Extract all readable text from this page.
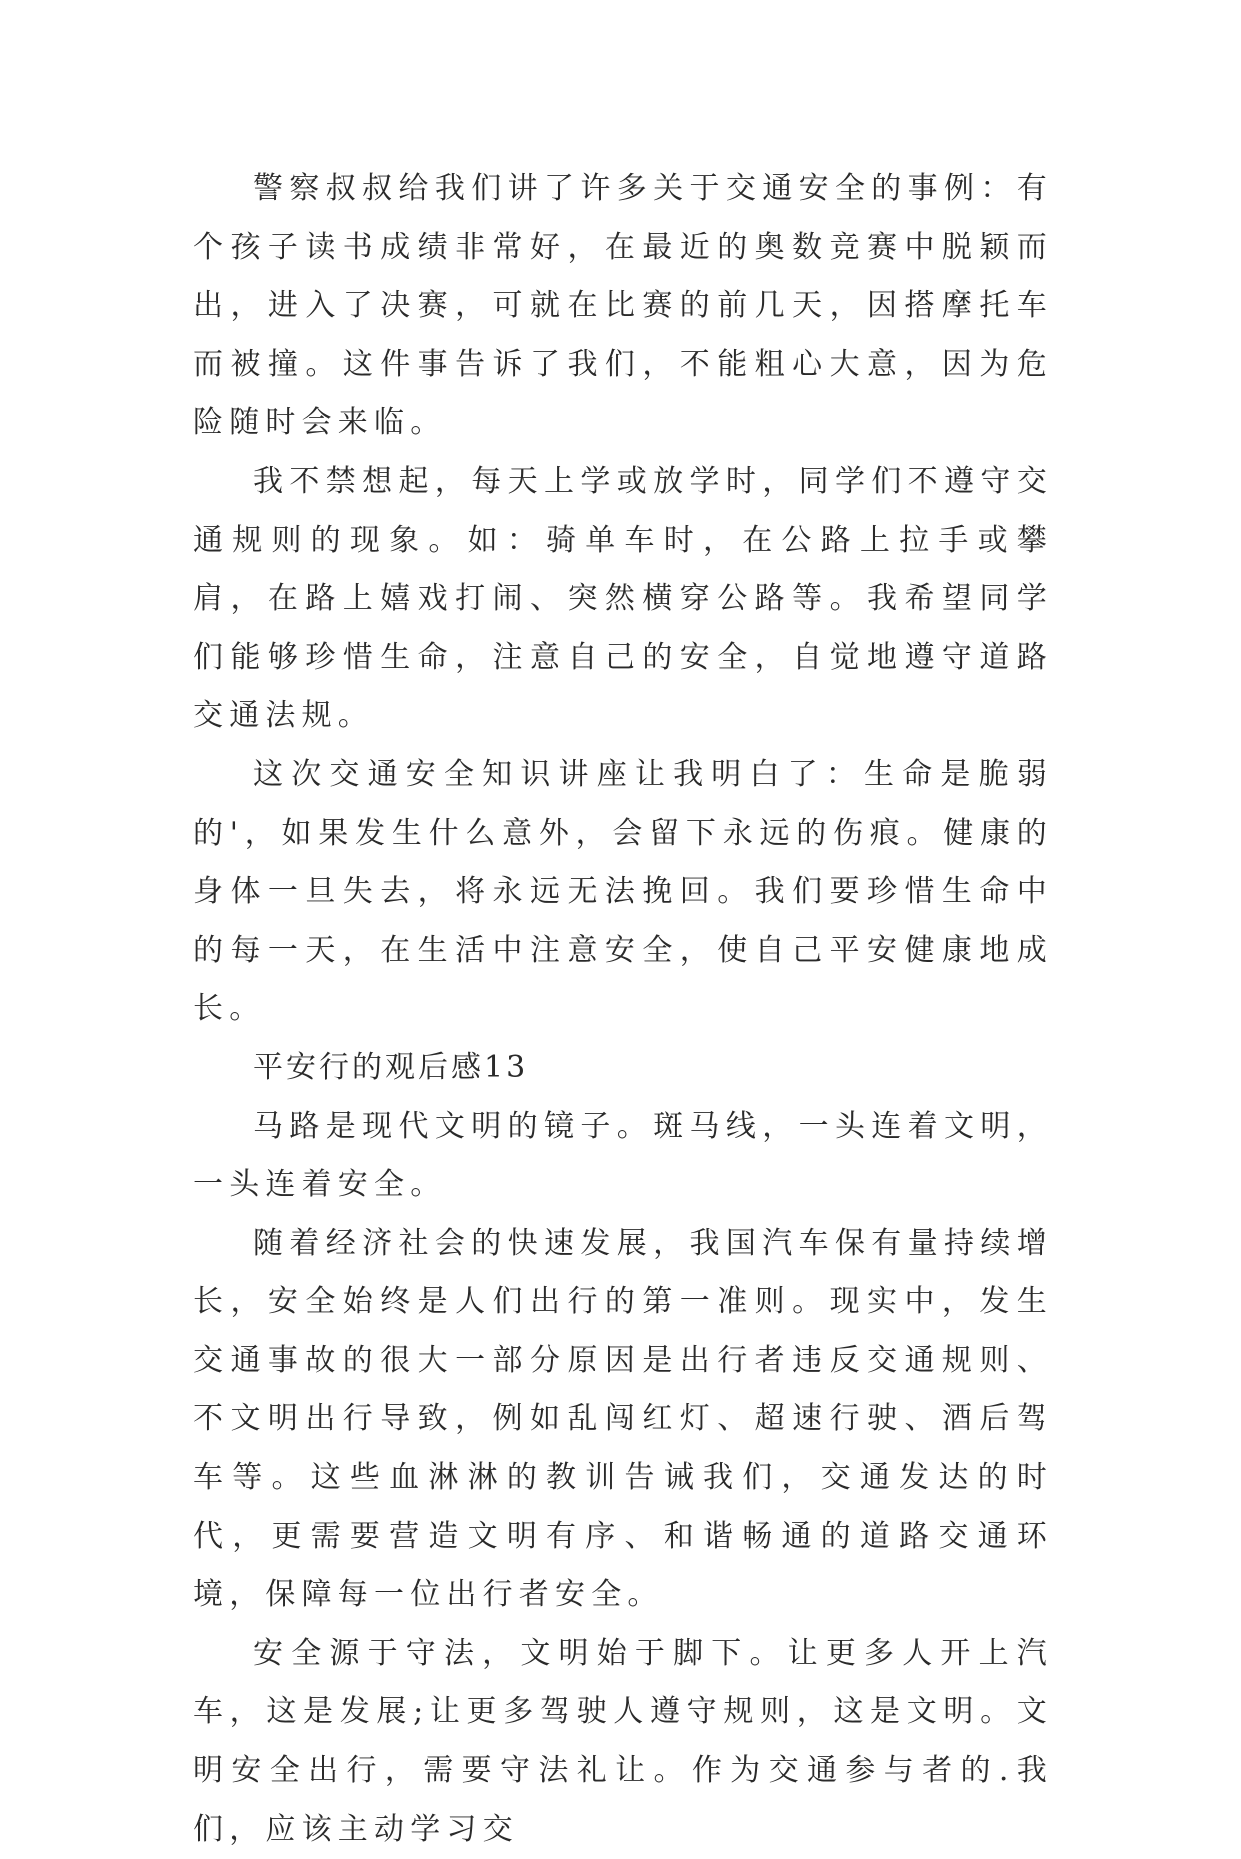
警察叔叔给我们讲了许多关于交通安全的事例：有个孩子读书成绩非常好，在最近的奥数竞赛中脱颖而出，进入了决赛，可就在比赛的前几天，因搭摩托车而被撞。这件事告诉了我们，不能粗心大意，因为危险随时会来临。

我不禁想起，每天上学或放学时，同学们不遵守交通规则的现象。如：骑单车时，在公路上拉手或攀肩，在路上嬉戏打闹、突然横穿公路等。我希望同学们能够珍惜生命，注意自己的安全，自觉地遵守道路交通法规。

这次交通安全知识讲座让我明白了：生命是脆弱的'，如果发生什么意外，会留下永远的伤痕。健康的身体一旦失去，将永远无法挽回。我们要珍惜生命中的每一天，在生活中注意安全，使自己平安健康地成长。

平安行的观后感13

马路是现代文明的镜子。斑马线，一头连着文明，一头连着安全。

随着经济社会的快速发展，我国汽车保有量持续增长，安全始终是人们出行的第一准则。现实中，发生交通事故的很大一部分原因是出行者违反交通规则、不文明出行导致，例如乱闯红灯、超速行驶、酒后驾车等。这些血淋淋的教训告诫我们，交通发达的时代，更需要营造文明有序、和谐畅通的道路交通环境，保障每一位出行者安全。

安全源于守法，文明始于脚下。让更多人开上汽车，这是发展;让更多驾驶人遵守规则，这是文明。文明安全出行，需要守法礼让。作为交通参与者的.我们，应该主动学习交
